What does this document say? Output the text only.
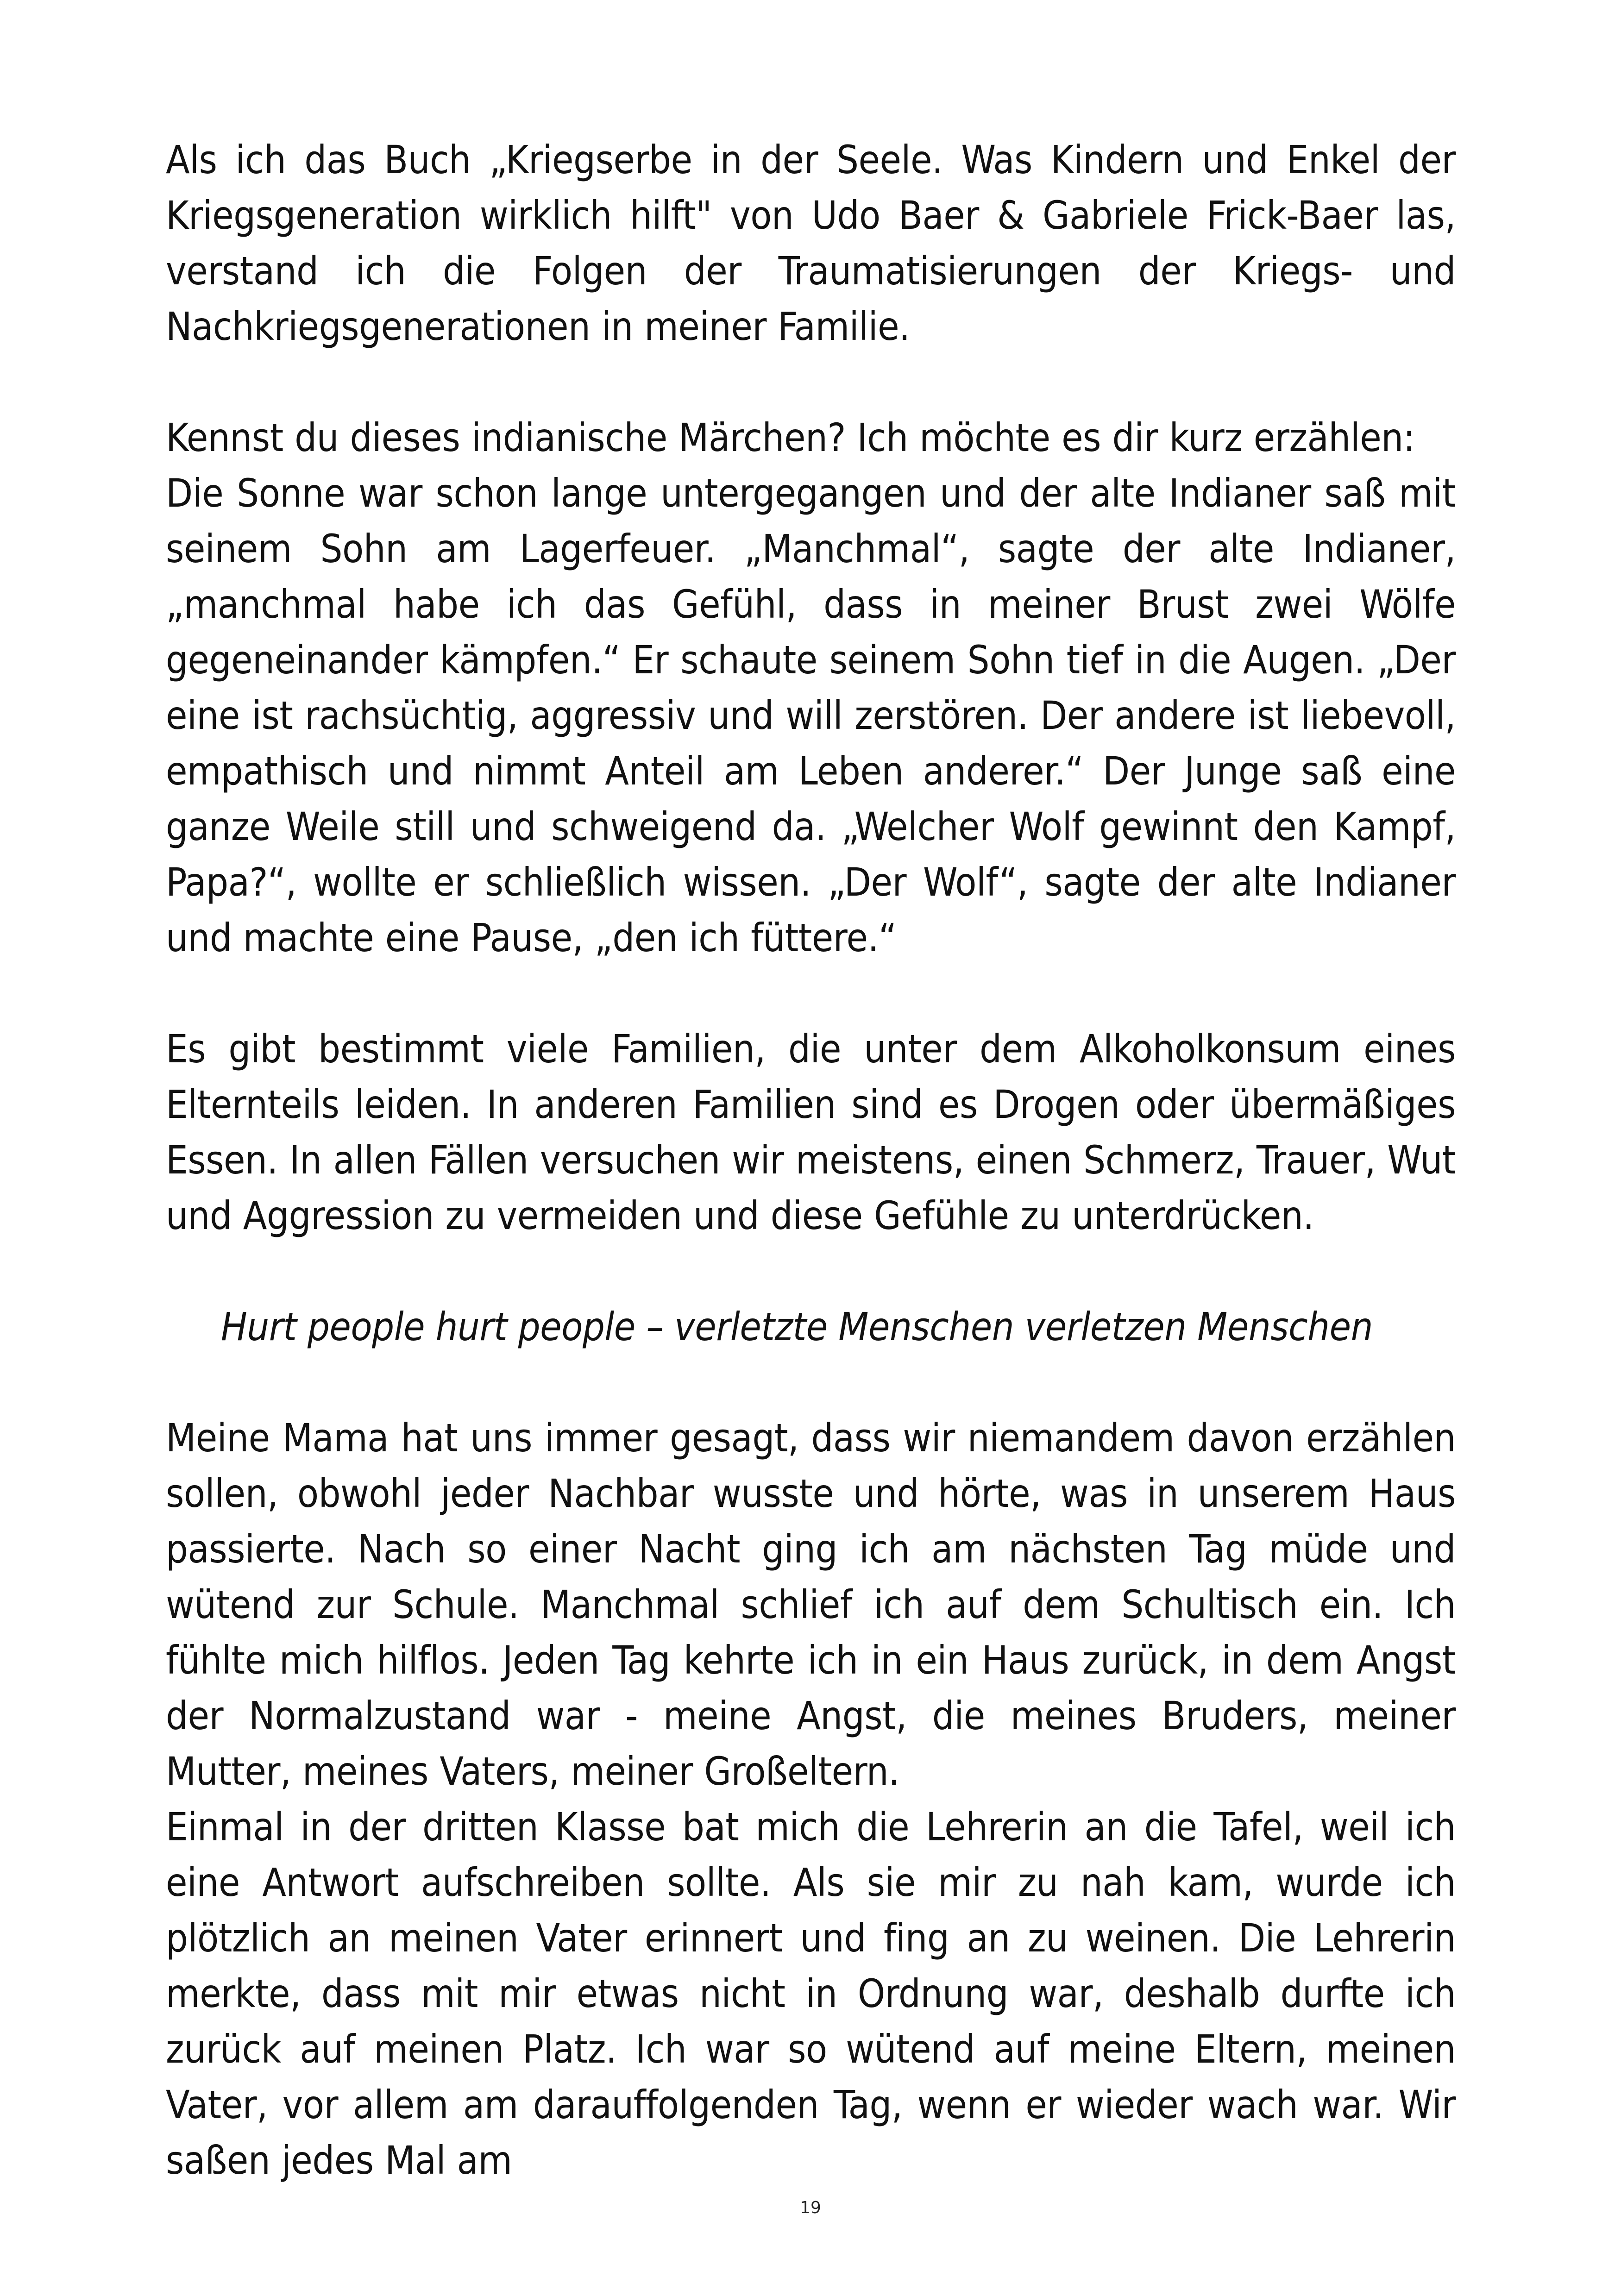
Als ich das Buch „Kriegserbe in der Seele. Was Kindern und Enkel der Kriegsgeneration wirklich hilft" von Udo Baer & Gabriele Frick-Baer las, verstand ich die Folgen der Traumatisierungen der Kriegs- und Nachkriegsgenerationen in meiner Familie.

Kennst du dieses indianische Märchen? Ich möchte es dir kurz erzählen:

Die Sonne war schon lange untergegangen und der alte Indianer saß mit seinem Sohn am Lagerfeuer. „Manchmal“, sagte der alte Indianer, „manchmal habe ich das Gefühl, dass in meiner Brust zwei Wölfe gegeneinander kämpfen.“ Er schaute seinem Sohn tief in die Augen. „Der eine ist rachsüchtig, aggressiv und will zerstören. Der andere ist liebevoll, empathisch und nimmt Anteil am Leben anderer.“ Der Junge saß eine ganze Weile still und schweigend da. „Welcher Wolf gewinnt den Kampf, Papa?“, wollte er schließlich wissen. „Der Wolf“, sagte der alte Indianer und machte eine Pause, „den ich füttere.“

Es gibt bestimmt viele Familien, die unter dem Alkoholkonsum eines Elternteils leiden. In anderen Familien sind es Drogen oder übermäßiges Essen. In allen Fällen versuchen wir meistens, einen Schmerz, Trauer, Wut und Aggression zu vermeiden und diese Gefühle zu unterdrücken.

Hurt people hurt people – verletzte Menschen verletzen Menschen

Meine Mama hat uns immer gesagt, dass wir niemandem davon erzählen sollen, obwohl jeder Nachbar wusste und hörte, was in unserem Haus passierte. Nach so einer Nacht ging ich am nächsten Tag müde und wütend zur Schule. Manchmal schlief ich auf dem Schultisch ein. Ich fühlte mich hilflos. Jeden Tag kehrte ich in ein Haus zurück, in dem Angst der Normalzustand war - meine Angst, die meines Bruders, meiner Mutter, meines Vaters, meiner Großeltern.

Einmal in der dritten Klasse bat mich die Lehrerin an die Tafel, weil ich eine Antwort aufschreiben sollte. Als sie mir zu nah kam, wurde ich plötzlich an meinen Vater erinnert und fing an zu weinen. Die Lehrerin merkte, dass mit mir etwas nicht in Ordnung war, deshalb durfte ich zurück auf meinen Platz. Ich war so wütend auf meine Eltern, meinen Vater, vor allem am darauffolgenden Tag, wenn er wieder wach war. Wir saßen jedes Mal am

19
